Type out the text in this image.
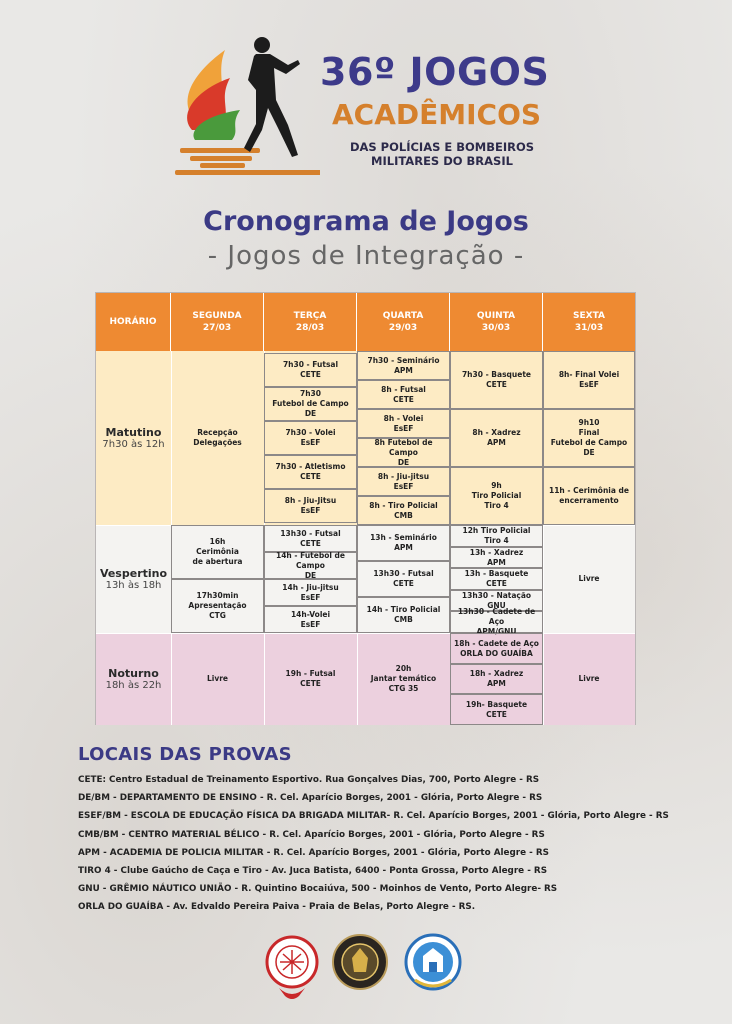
36º JOGOS
ACADÊMICOS
DAS POLÍCIAS E BOMBEIROS MILITARES DO BRASIL
Cronograma de Jogos
- Jogos de Integração -
HORÁRIO
SEGUNDA
27/03
TERÇA
28/03
QUARTA
29/03
QUINTA
30/03
SEXTA
31/03
Matutino
7h30 às 12h
Vespertino
13h às 18h
Noturno
18h às 22h
Recepção
Delegações
7h30 - Futsal
CETE
7h30
Futebol de Campo
DE
7h30 - Volei
EsEF
7h30 - Atletismo
CETE
8h - Jiu-Jitsu
EsEF
7h30 - Seminário
APM
8h - Futsal
CETE
8h - Volei
EsEF
8h Futebol de Campo
DE
8h - Jiu-jitsu
EsEF
8h - Tiro Policial
CMB
7h30 - Basquete
CETE
8h - Xadrez
APM
9h
Tiro Policial
Tiro 4
8h- Final Volei
EsEF
9h10
Final
Futebol de Campo
DE
11h - Cerimônia de
encerramento
16h
Cerimônia
de abertura
17h30min
Apresentação
CTG
13h30 - Futsal
CETE
14h - Futebol de Campo
DE
14h - Jiu-jitsu
EsEF
14h-Volei
EsEF
13h - Seminário
APM
13h30 - Futsal
CETE
14h - Tiro Policial
CMB
12h Tiro Policial
Tiro 4
13h - Xadrez
APM
13h - Basquete
CETE
13h30 - Natação
GNU
13h30 - Cadete de Aço
APM/GNU
Livre
Livre
19h - Futsal
CETE
20h
Jantar temático
CTG 35
18h - Cadete de Aço
ORLA DO GUAÍBA
18h - Xadrez
APM
19h- Basquete
CETE
Livre
LOCAIS DAS PROVAS
CETE: Centro Estadual de Treinamento Esportivo. Rua Gonçalves Dias, 700, Porto Alegre - RS
DE/BM - DEPARTAMENTO DE ENSINO - R. Cel. Aparício Borges, 2001 - Glória, Porto Alegre - RS
ESEF/BM - ESCOLA DE EDUCAÇÃO FÍSICA DA BRIGADA MILITAR- R. Cel. Aparício Borges, 2001 - Glória, Porto Alegre - RS
CMB/BM - CENTRO MATERIAL BÉLICO - R. Cel. Aparício Borges, 2001 - Glória, Porto Alegre - RS
APM - ACADEMIA DE POLICIA MILITAR - R. Cel. Aparício Borges, 2001 - Glória, Porto Alegre - RS
TIRO 4 - Clube Gaúcho de Caça e Tiro - Av. Juca Batista, 6400 - Ponta Grossa, Porto Alegre - RS
GNU - GRÊMIO NÁUTICO UNIÃO - R. Quintino Bocaiúva, 500 - Moinhos de Vento, Porto Alegre- RS
ORLA DO GUAÍBA - Av. Edvaldo Pereira Paiva - Praia de Belas, Porto Alegre - RS.
